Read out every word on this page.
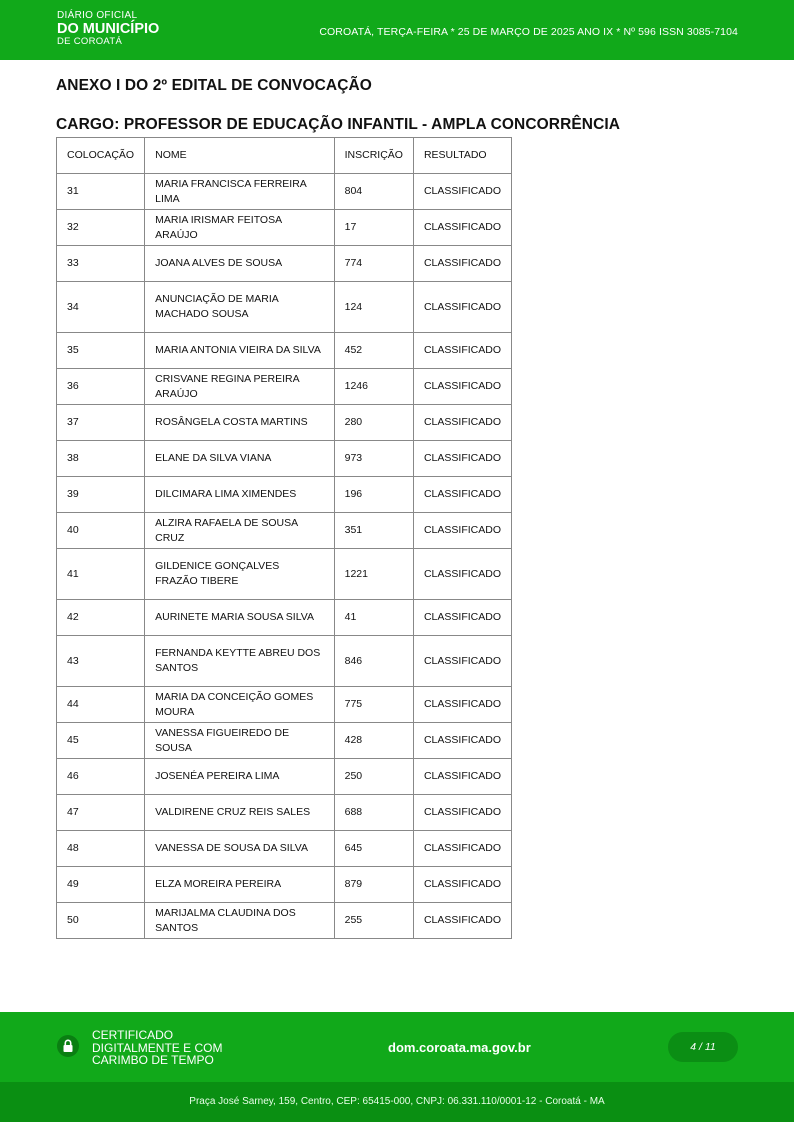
DIÁRIO OFICIAL
DO MUNICÍPIO
DE COROATÁ
COROATÁ, TERÇA-FEIRA * 25 DE MARÇO DE 2025 ANO IX * Nº 596 ISSN 3085-7104
ANEXO I DO 2º EDITAL DE CONVOCAÇÃO
CARGO: PROFESSOR DE EDUCAÇÃO INFANTIL - AMPLA CONCORRÊNCIA
COLOCAÇÃO	NOME	INSCRIÇÃO	RESULTADO
31	MARIA FRANCISCA FERREIRA LIMA	804	CLASSIFICADO
32	MARIA IRISMAR FEITOSA ARAÚJO	17	CLASSIFICADO
33	JOANA ALVES DE SOUSA	774	CLASSIFICADO
34	ANUNCIAÇÃO DE MARIA MACHADO SOUSA	124	CLASSIFICADO
35	MARIA ANTONIA VIEIRA DA SILVA	452	CLASSIFICADO
36	CRISVANE REGINA PEREIRA ARAÚJO	1246	CLASSIFICADO
37	ROSÂNGELA COSTA MARTINS	280	CLASSIFICADO
38	ELANE DA SILVA VIANA	973	CLASSIFICADO
39	DILCIMARA LIMA XIMENDES	196	CLASSIFICADO
40	ALZIRA RAFAELA DE SOUSA CRUZ	351	CLASSIFICADO
41	GILDENICE GONÇALVES FRAZÃO TIBERE	1221	CLASSIFICADO
42	AURINETE MARIA SOUSA SILVA	41	CLASSIFICADO
43	FERNANDA KEYTTE ABREU DOS SANTOS	846	CLASSIFICADO
44	MARIA DA CONCEIÇÃO GOMES MOURA	775	CLASSIFICADO
45	VANESSA FIGUEIREDO DE SOUSA	428	CLASSIFICADO
46	JOSENÉA PEREIRA LIMA	250	CLASSIFICADO
47	VALDIRENE CRUZ REIS SALES	688	CLASSIFICADO
48	VANESSA DE SOUSA DA SILVA	645	CLASSIFICADO
49	ELZA MOREIRA PEREIRA	879	CLASSIFICADO
50	MARIJALMA CLAUDINA DOS SANTOS	255	CLASSIFICADO
CERTIFICADO
DIGITALMENTE E COM
CARIMBO DE TEMPO
dom.coroata.ma.gov.br	4 / 11
Praça José Sarney, 159, Centro, CEP: 65415-000, CNPJ: 06.331.110/0001-12 - Coroatá - MA
